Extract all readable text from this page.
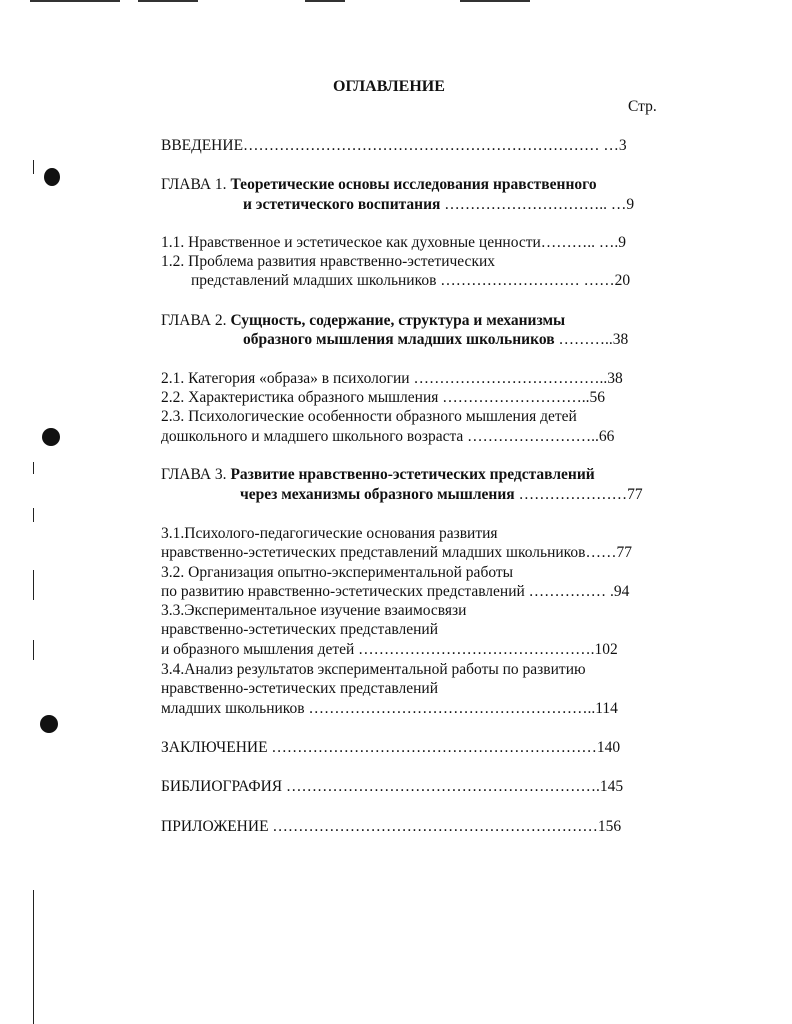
ОГЛАВЛЕНИЕ
Стр.
ВВЕДЕНИЕ…………………………………………………………… …3
ГЛАВА 1. Теоретические основы исследования нравственного
и эстетического воспитания ………………………….. …9
1.1. Нравственное и эстетическое как духовные ценности……….. ….9
1.2. Проблема развития нравственно-эстетических
представлений младших школьников ……………………… ……20
ГЛАВА 2. Сущность, содержание, структура и механизмы
образного мышления младших школьников ………..38
2.1. Категория «образа» в психологии ………………………………..38
2.2. Характеристика образного мышления ………………………..56
2.3. Психологические особенности образного мышления детей
дошкольного и младшего школьного возраста ……………………..66
ГЛАВА 3. Развитие нравственно-эстетических представлений
через механизмы образного мышления …………………77
3.1.Психолого-педагогические основания развития
нравственно-эстетических представлений младших школьников……77
3.2. Организация опытно-экспериментальной работы
по развитию нравственно-эстетических представлений …………… .94
3.3.Экспериментальное изучение взаимосвязи
нравственно-эстетических представлений
и образного мышления детей ……………………………………….102
3.4.Анализ результатов экспериментальной работы по развитию
нравственно-эстетических представлений
младших школьников ………………………………………………..114
ЗАКЛЮЧЕНИЕ ………………………………………………………140
БИБЛИОГРАФИЯ …………………………………………………….145
ПРИЛОЖЕНИЕ ………………………………………………………156
